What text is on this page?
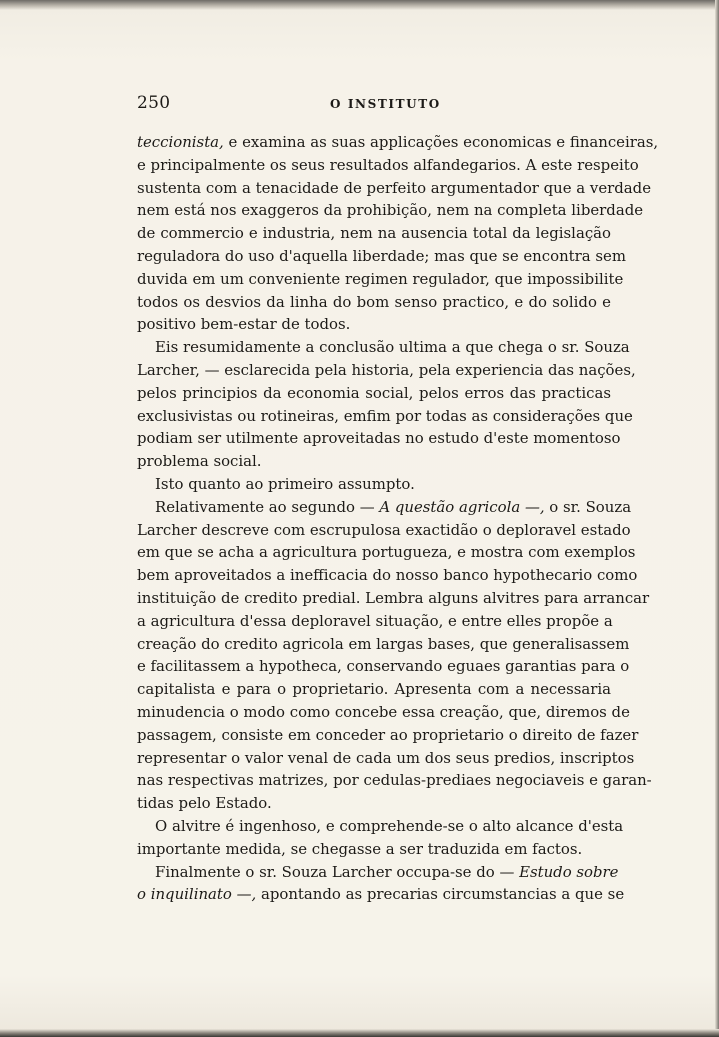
250	O INSTITUTO
teccionista, e examina as suas applicações economicas e financeiras,
e principalmente os seus resultados alfandegarios. A este respeito
sustenta com a tenacidade de perfeito argumentador que a verdade
nem está nos exaggeros da prohibição, nem na completa liberdade
de commercio e industria, nem na ausencia total da legislação
reguladora do uso d'aquella liberdade; mas que se encontra sem
duvida em um conveniente regimen regulador, que impossibilite
todos os desvios da linha do bom senso practico, e do solido e
positivo bem-estar de todos.
Eis resumidamente a conclusão ultima a que chega o sr. Souza
Larcher, — esclarecida pela historia, pela experiencia das nações,
pelos principios da economia social, pelos erros das practicas
exclusivistas ou rotineiras, emfim por todas as considerações que
podiam ser utilmente aproveitadas no estudo d'este momentoso
problema social.
Isto quanto ao primeiro assumpto.
Relativamente ao segundo — A questão agricola —, o sr. Souza
Larcher descreve com escrupulosa exactidão o deploravel estado
em que se acha a agricultura portugueza, e mostra com exemplos
bem aproveitados a inefficacia do nosso banco hypothecario como
instituição de credito predial. Lembra alguns alvitres para arrancar
a agricultura d'essa deploravel situação, e entre elles propõe a
creação do credito agricola em largas bases, que generalisassem
e facilitassem a hypotheca, conservando eguaes garantias para o
capitalista e para o proprietario. Apresenta com a necessaria
minudencia o modo como concebe essa creação, que, diremos de
passagem, consiste em conceder ao proprietario o direito de fazer
representar o valor venal de cada um dos seus predios, inscriptos
nas respectivas matrizes, por cedulas-prediaes negociaveis e garan-
tidas pelo Estado.
O alvitre é ingenhoso, e comprehende-se o alto alcance d'esta
importante medida, se chegasse a ser traduzida em factos.
Finalmente o sr. Souza Larcher occupa-se do — Estudo sobre
o inquilinato —, apontando as precarias circumstancias a que se
